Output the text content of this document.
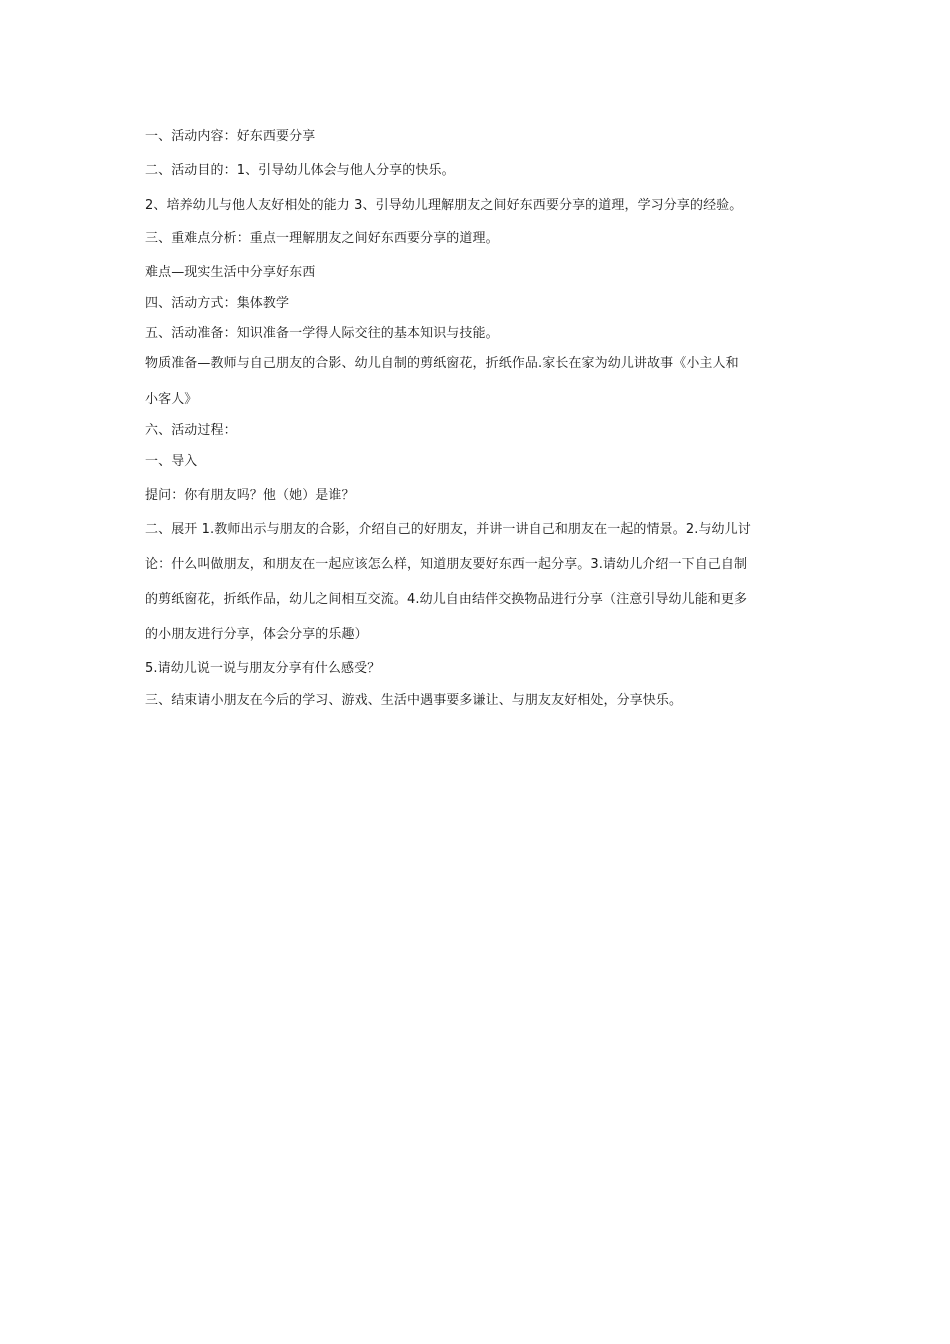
一、活动内容：好东西要分享
二、活动目的：1、引导幼儿体会与他人分享的快乐。
2、培养幼儿与他人友好相处的能力 3、引导幼儿理解朋友之间好东西要分享的道理，学习分享的经验。
三、重难点分析：重点一理解朋友之间好东西要分享的道理。
难点—现实生活中分享好东西
四、活动方式：集体教学
五、活动准备：知识准备一学得人际交往的基本知识与技能。
物质准备—教师与自己朋友的合影、幼儿自制的剪纸窗花，折纸作品.家长在家为幼儿讲故事《小主人和
小客人》
六、活动过程：
一、导入
提问：你有朋友吗？他（她）是谁？
二、展开 1.教师出示与朋友的合影，介绍自己的好朋友，并讲一讲自己和朋友在一起的情景。2.与幼儿讨
论：什么叫做朋友，和朋友在一起应该怎么样，知道朋友要好东西一起分享。3.请幼儿介绍一下自己自制
的剪纸窗花，折纸作品，幼儿之间相互交流。4.幼儿自由结伴交换物品进行分享（注意引导幼儿能和更多
的小朋友进行分享，体会分享的乐趣）
5.请幼儿说一说与朋友分享有什么感受？
三、结束请小朋友在今后的学习、游戏、生活中遇事要多谦让、与朋友友好相处，分享快乐。
